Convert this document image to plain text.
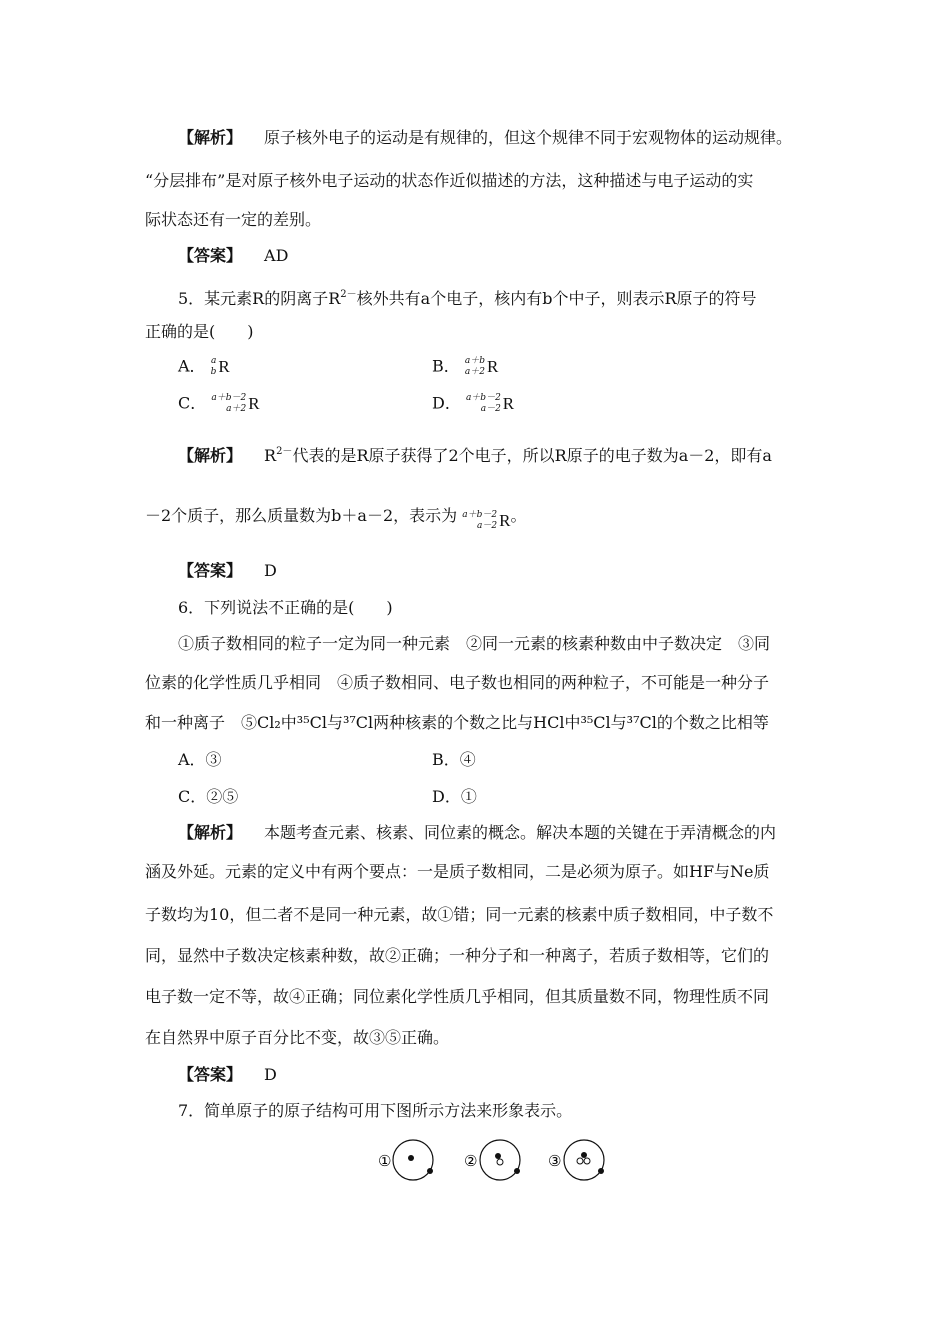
【解析】 原子核外电子的运动是有规律的，但这个规律不同于宏观物体的运动规律。
“分层排布”是对原子核外电子运动的状态作近似描述的方法，这种描述与电子运动的实
际状态还有一定的差别。
【答案】 AD
5．某元素R的阴离子$R^{2-}$核外共有a个电子，核内有b个中子，则表示R原子的符号
正确的是(　　)
A． a
b R	B． a＋b
a＋2 R
C． a＋b－2
a＋2 R	D． a＋b－2
a－2 R
【解析】 $R^{2-}$代表的是R原子获得了2个电子，所以R原子的电子数为a－2，即有a
－2个质子，那么质量数为b＋a－2，表示为 a＋b－2
a－2 R 。
【答案】 D
6．下列说法不正确的是(　　)
①质子数相同的粒子一定为同一种元素　②同一元素的核素种数由中子数决定　③同
位素的化学性质几乎相同　④质子数相同、电子数也相同的两种粒子，不可能是一种分子
和一种离子　⑤Cl₂中³⁵Cl与³⁷Cl两种核素的个数之比与HCl中³⁵Cl与³⁷Cl的个数之比相等
A．③	B．④
C．②⑤	D．①
【解析】 本题考查元素、核素、同位素的概念。解决本题的关键在于弄清概念的内
涵及外延。元素的定义中有两个要点：一是质子数相同，二是必须为原子。如HF与Ne质
子数均为10，但二者不是同一种元素，故①错；同一元素的核素中质子数相同，中子数不
同，显然中子数决定核素种数，故②正确；一种分子和一种离子，若质子数相等，它们的
电子数一定不等，故④正确；同位素化学性质几乎相同，但其质量数不同，物理性质不同
在自然界中原子百分比不变，故③⑤正确。
【答案】 D
7．简单原子的原子结构可用下图所示方法来形象表示。
①	②	③
